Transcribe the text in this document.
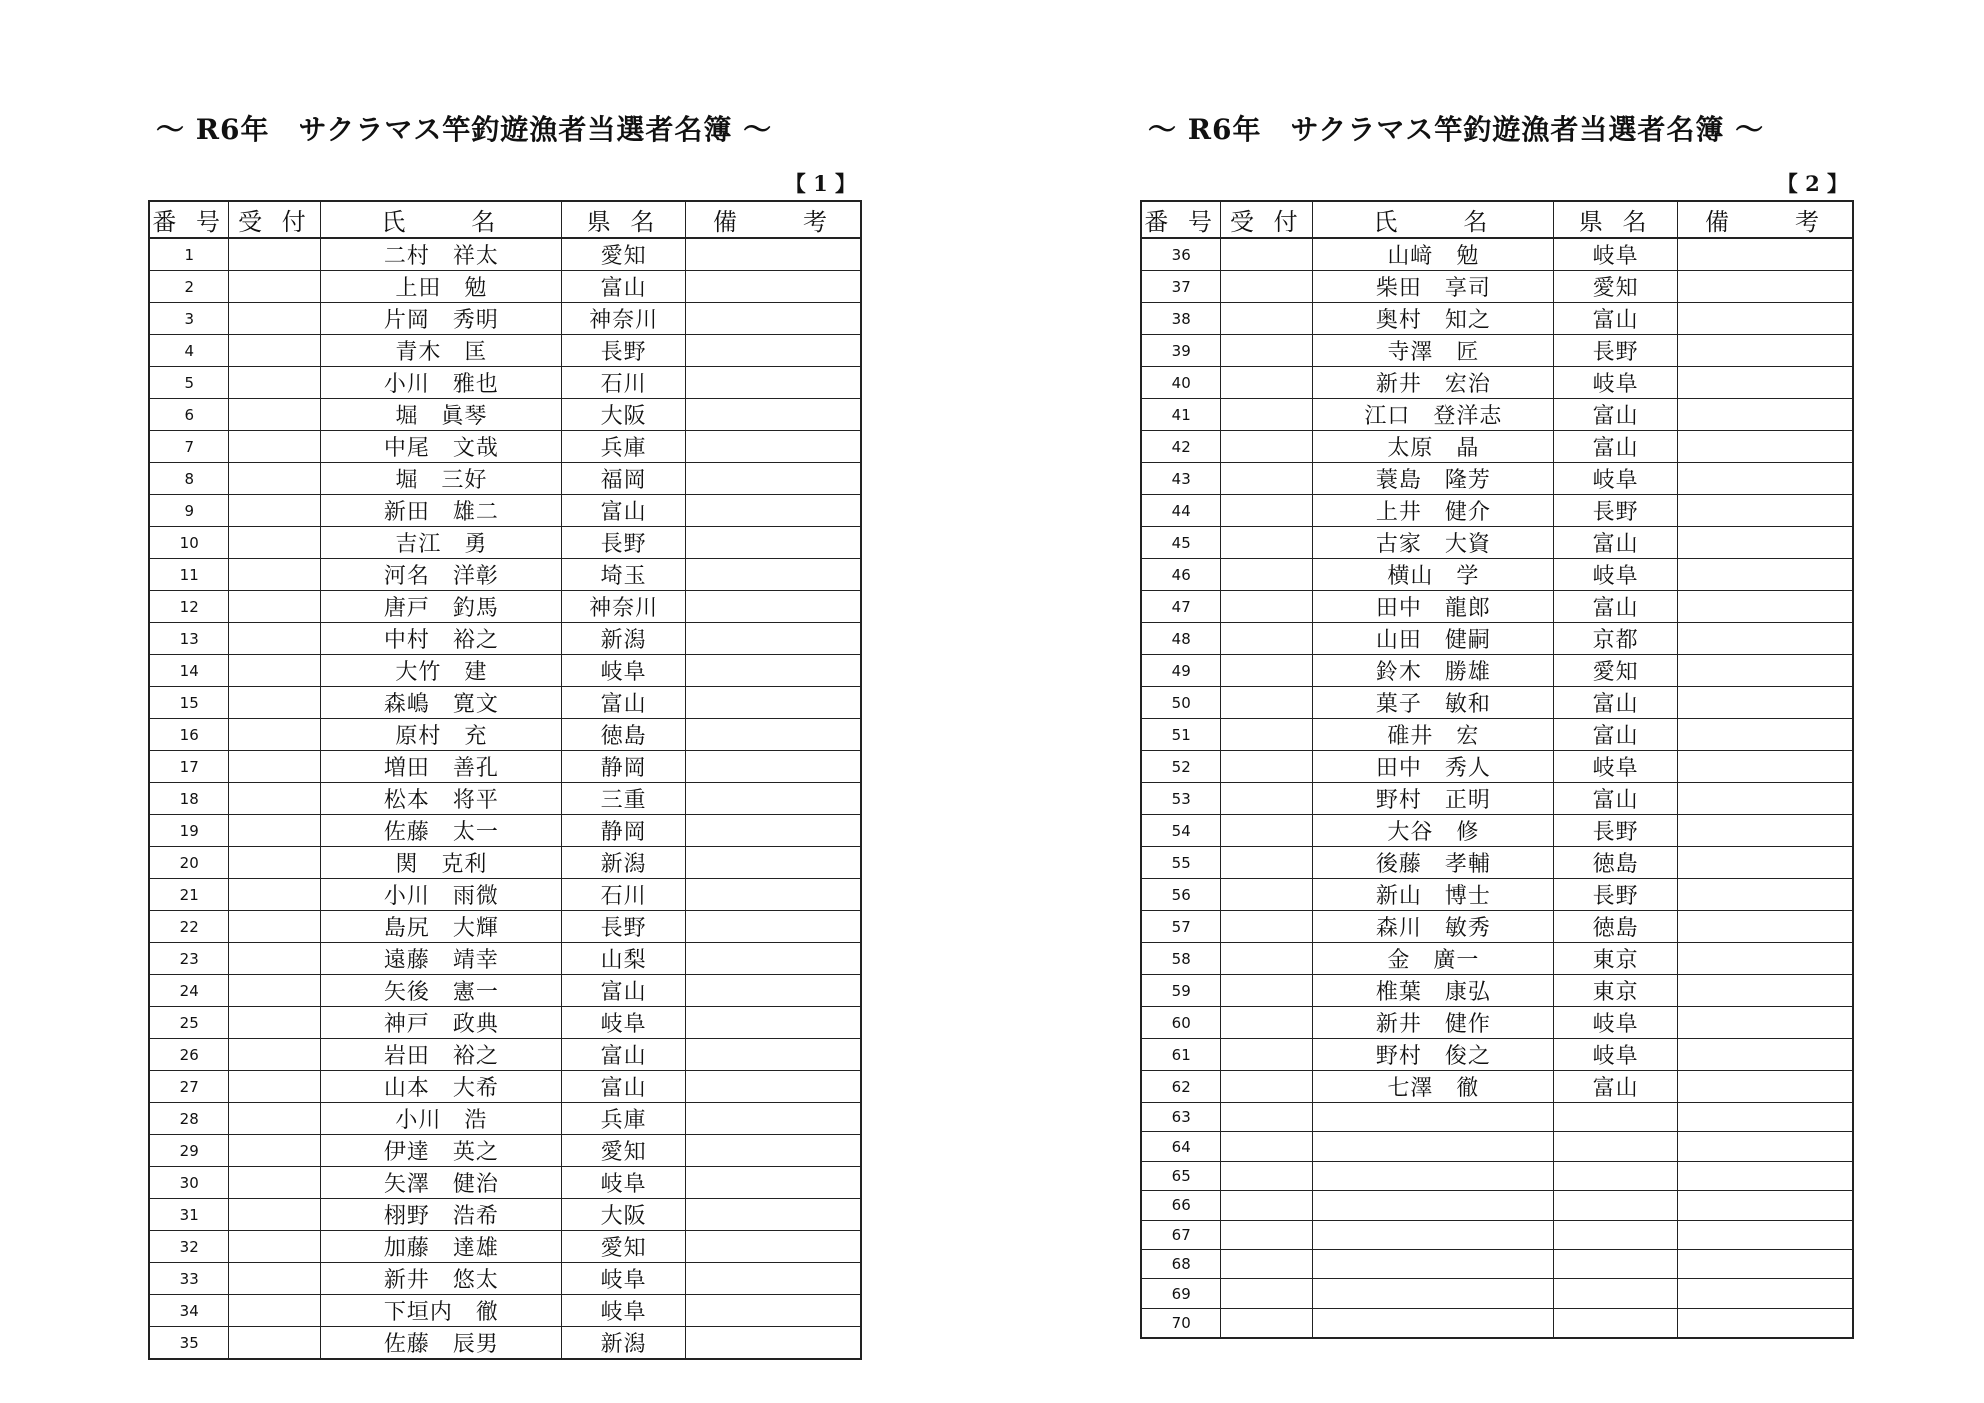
～ R6年　サクラマス竿釣遊漁者当選者名簿 ～
【 1 】
番 号	受 付	氏　　名	県 名	備　　考
1		二村　祥太	愛知	
2		上田　勉	富山	
3		片岡　秀明	神奈川	
4		青木　匡	長野	
5		小川　雅也	石川	
6		堀　眞琴	大阪	
7		中尾　文哉	兵庫	
8		堀　三好	福岡	
9		新田　雄二	富山	
10		吉江　勇	長野	
11		河名　洋彰	埼玉	
12		唐戸　釣馬	神奈川	
13		中村　裕之	新潟	
14		大竹　建	岐阜	
15		森嶋　寛文	富山	
16		原村　充	徳島	
17		増田　善孔	静岡	
18		松本　将平	三重	
19		佐藤　太一	静岡	
20		関　克利	新潟	
21		小川　雨微	石川	
22		島尻　大輝	長野	
23		遠藤　靖幸	山梨	
24		矢後　憲一	富山	
25		神戸　政典	岐阜	
26		岩田　裕之	富山	
27		山本　大希	富山	
28		小川　浩	兵庫	
29		伊達　英之	愛知	
30		矢澤　健治	岐阜	
31		栩野　浩希	大阪	
32		加藤　達雄	愛知	
33		新井　悠太	岐阜	
34		下垣内　徹	岐阜	
35		佐藤　辰男	新潟	
～ R6年　サクラマス竿釣遊漁者当選者名簿 ～
【 2 】
番 号	受 付	氏　　名	県 名	備　　考
36		山﨑　勉	岐阜	
37		柴田　享司	愛知	
38		奥村　知之	富山	
39		寺澤　匠	長野	
40		新井　宏治	岐阜	
41		江口　登洋志	富山	
42		太原　晶	富山	
43		蓑島　隆芳	岐阜	
44		上井　健介	長野	
45		古家　大資	富山	
46		横山　学	岐阜	
47		田中　龍郎	富山	
48		山田　健嗣	京都	
49		鈴木　勝雄	愛知	
50		菓子　敏和	富山	
51		碓井　宏	富山	
52		田中　秀人	岐阜	
53		野村　正明	富山	
54		大谷　修	長野	
55		後藤　孝輔	徳島	
56		新山　博士	長野	
57		森川　敏秀	徳島	
58		金　廣一	東京	
59		椎葉　康弘	東京	
60		新井　健作	岐阜	
61		野村　俊之	岐阜	
62		七澤　徹	富山	
63				
64				
65				
66				
67				
68				
69				
70				
